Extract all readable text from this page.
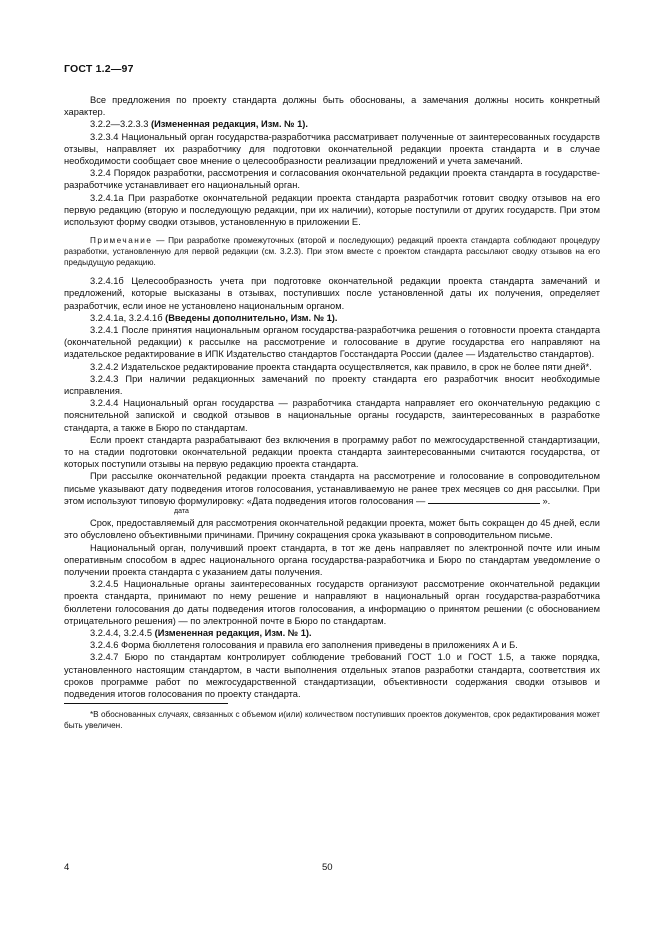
ГОСТ 1.2—97

Все предложения по проекту стандарта должны быть обоснованы, а замечания должны носить конкретный характер.

3.2.2—3.2.3.3 (Измененная редакция, Изм. № 1).

3.2.3.4 Национальный орган государства-разработчика рассматривает полученные от заинтересованных государств отзывы, направляет их разработчику для подготовки окончательной редакции проекта стандарта и в случае необходимости сообщает свое мнение о целесообразности реализации предложений и учета замечаний.

3.2.4 Порядок разработки, рассмотрения и согласования окончательной редакции проекта стандарта в государстве-разработчике устанавливает его национальный орган.

3.2.4.1а При разработке окончательной редакции проекта стандарта разработчик готовит сводку отзывов на его первую редакцию (вторую и последующую редакции, при их наличии), которые поступили от других государств. При этом используют форму сводки отзывов, установленную в приложении Е.

Примечание — При разработке промежуточных (второй и последующих) редакций проекта стандарта соблюдают процедуру разработки, установленную для первой редакции (см. 3.2.3). При этом вместе с проектом стандарта рассылают сводку отзывов на его предыдущую редакцию.

3.2.4.1б Целесообразность учета при подготовке окончательной редакции проекта стандарта замечаний и предложений, которые высказаны в отзывах, поступивших после установленной даты их получения, определяет разработчик, если иное не установлено национальным органом.

3.2.4.1а, 3.2.4.1б (Введены дополнительно, Изм. № 1).

3.2.4.1 После принятия национальным органом государства-разработчика решения о готовности проекта стандарта (окончательной редакции) к рассылке на рассмотрение и голосование в другие государства его направляют на издательское редактирование в ИПК Издательство стандартов Госстандарта России (далее — Издательство стандартов).

3.2.4.2 Издательское редактирование проекта стандарта осуществляется, как правило, в срок не более пяти дней*.

3.2.4.3 При наличии редакционных замечаний по проекту стандарта его разработчик вносит необходимые исправления.

3.2.4.4 Национальный орган государства — разработчика стандарта направляет его окончательную редакцию с пояснительной запиской и сводкой отзывов в национальные органы государств, заинтересованных в разработке стандарта, а также в Бюро по стандартам.

Если проект стандарта разрабатывают без включения в программу работ по межгосударственной стандартизации, то на стадии подготовки окончательной редакции проекта стандарта заинтересованными считаются государства, от которых поступили отзывы на первую редакцию проекта стандарта.

При рассылке окончательной редакции проекта стандарта на рассмотрение и голосование в сопроводительном письме указывают дату подведения итогов голосования, устанавливаемую не ранее трех месяцев со дня рассылки. При этом используют типовую формулировку: «Дата подведения итогов голосования —	».

дата

Срок, предоставляемый для рассмотрения окончательной редакции проекта, может быть сокращен до 45 дней, если это обусловлено объективными причинами. Причину сокращения срока указывают в сопроводительном письме.

Национальный орган, получивший проект стандарта, в тот же день направляет по электронной почте или иным оперативным способом в адрес национального органа государства-разработчика и Бюро по стандартам уведомление о получении проекта стандарта с указанием даты получения.

3.2.4.5 Национальные органы заинтересованных государств организуют рассмотрение окончательной редакции проекта стандарта, принимают по нему решение и направляют в национальный орган государства-разработчика бюллетени голосования до даты подведения итогов голосования, а информацию о принятом решении (с обоснованием отрицательного решения) — по электронной почте в Бюро по стандартам.

3.2.4.4, 3.2.4.5 (Измененная редакция, Изм. № 1).

3.2.4.6 Форма бюллетеня голосования и правила его заполнения приведены в приложениях А и Б.

3.2.4.7 Бюро по стандартам контролирует соблюдение требований ГОСТ 1.0 и ГОСТ 1.5, а также порядка, установленного настоящим стандартом, в части выполнения отдельных этапов разработки стандарта, соответствия их сроков программе работ по межгосударственной стандартизации, объективности содержания сводки отзывов и подведения итогов голосования по проекту стандарта.

*В обоснованных случаях, связанных с объемом и(или) количеством поступивших проектов документов, срок редактирования может быть увеличен.

4	50
